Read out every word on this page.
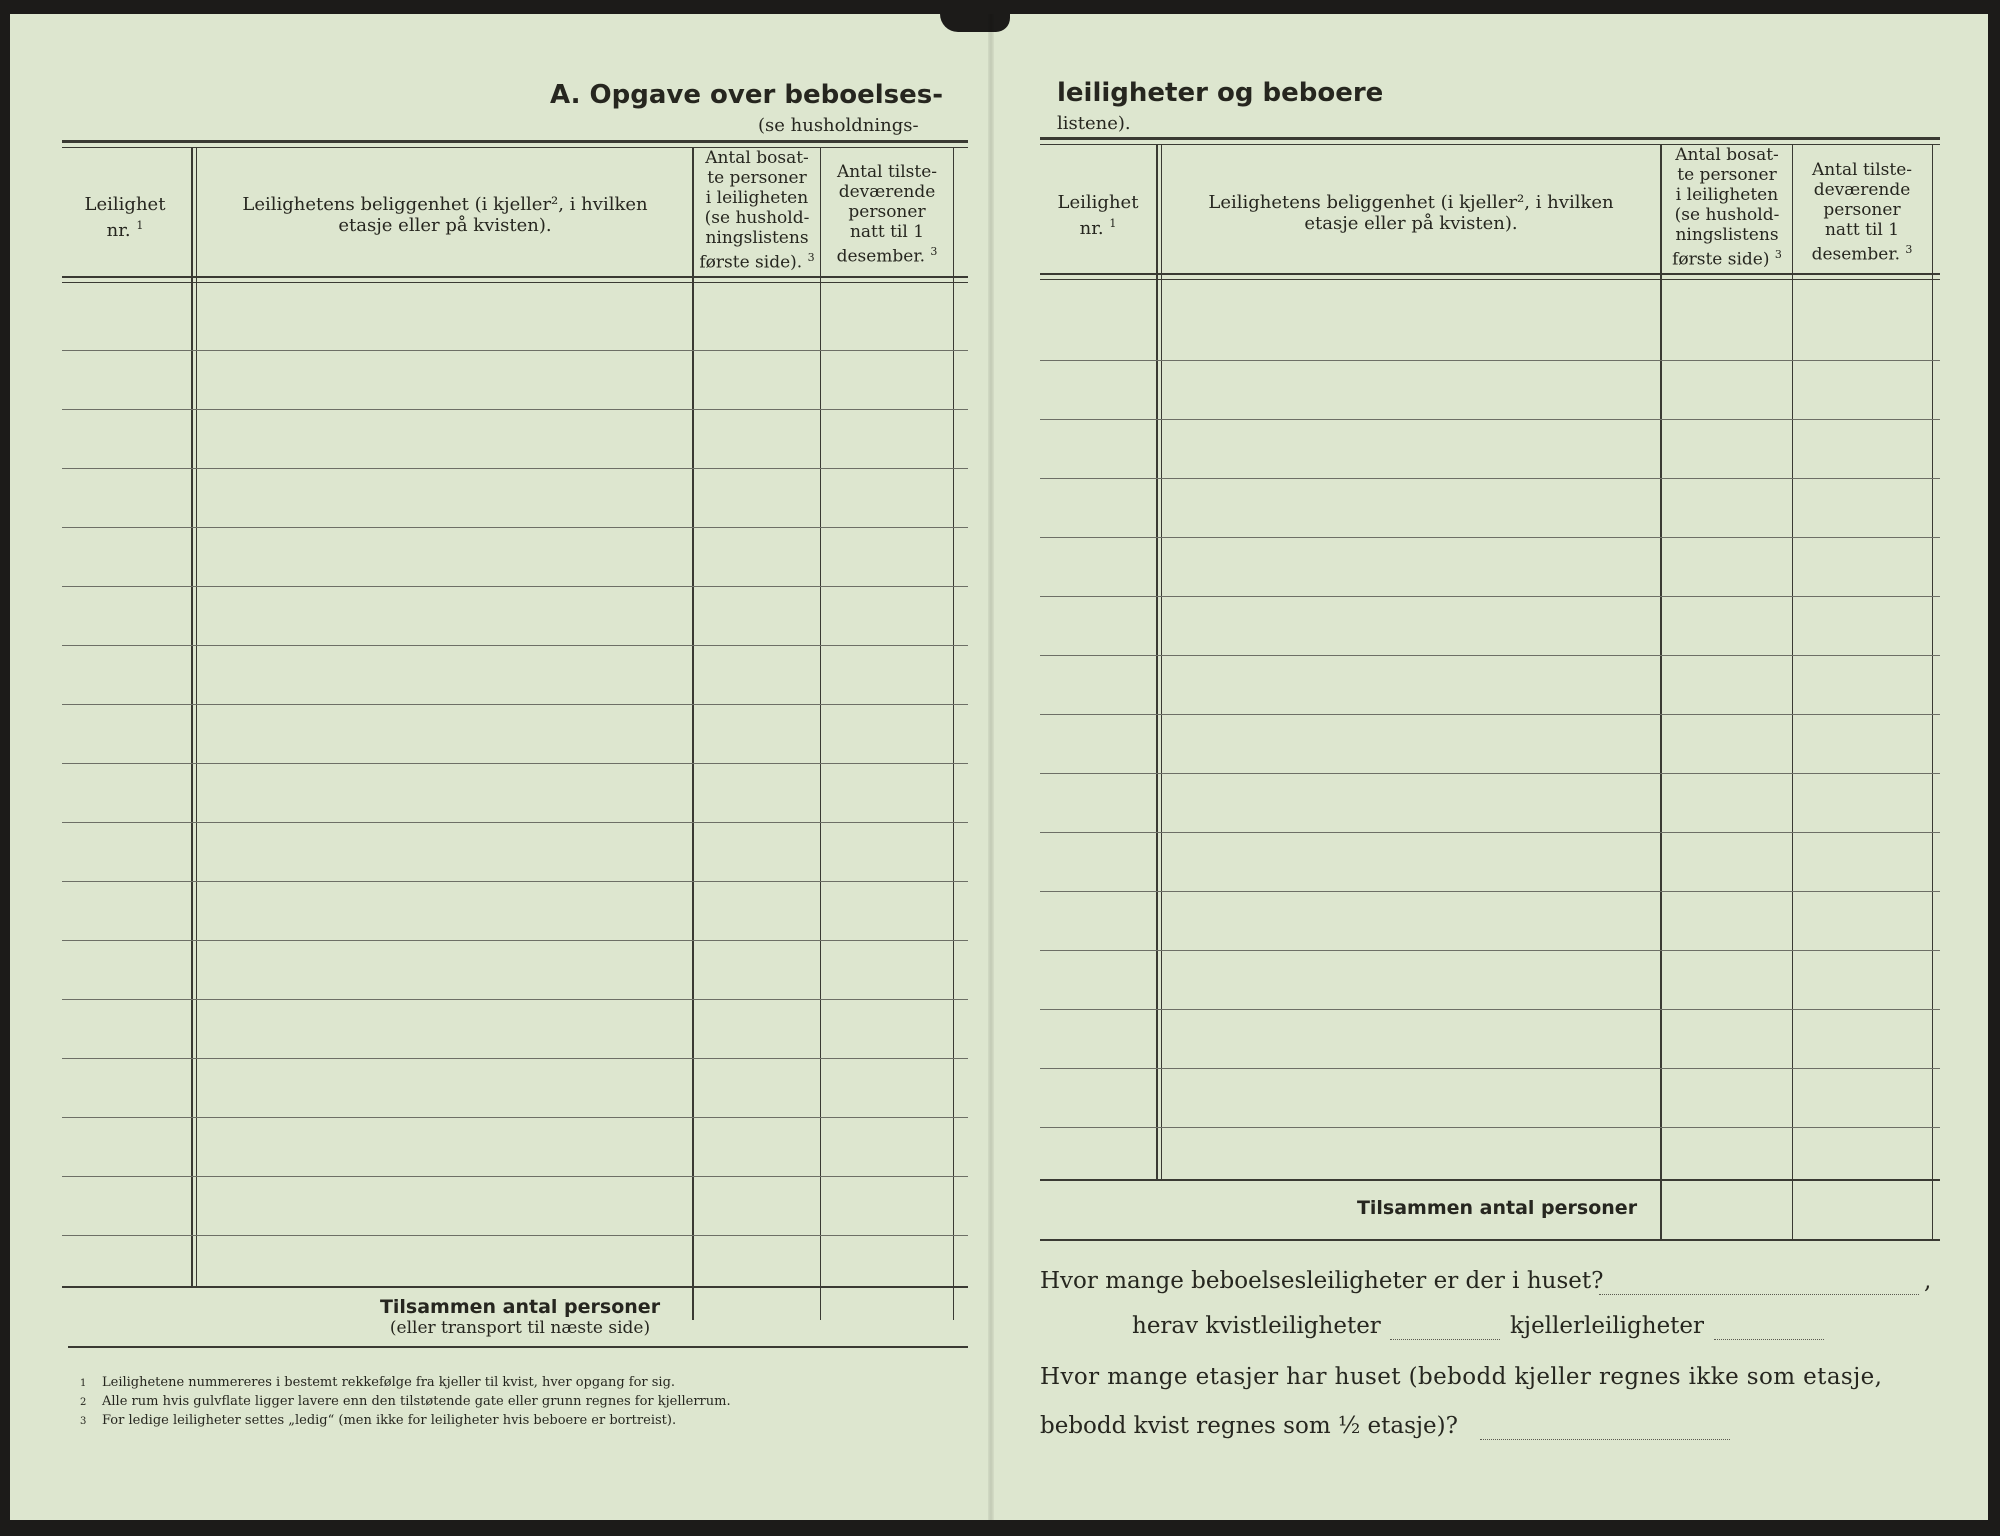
A. Opgave over beboelses-
(se husholdnings-
Leilighet
nr. $^1$
Leilighetens beliggenhet (i kjeller², i hvilken
etasje eller på kvisten).
Antal bosat-
te personer
i leiligheten
(se hushold-
ningslistens
første side). $^3$
Antal tilste-
deværende
personer
natt til 1
desember. $^3$
Tilsammen antal personer
(eller transport til næste side)
1 Leilighetene nummereres i bestemt rekkefølge fra kjeller til kvist, hver opgang for sig.
2 Alle rum hvis gulvflate ligger lavere enn den tilstøtende gate eller grunn regnes for kjellerrum.
3 For ledige leiligheter settes „ledig“ (men ikke for leiligheter hvis beboere er bortreist).
leiligheter og beboere
listene).
Leilighet
nr. $^1$
Leilighetens beliggenhet (i kjeller², i hvilken
etasje eller på kvisten).
Antal bosat-
te personer
i leiligheten
(se hushold-
ningslistens
første side) $^3$
Antal tilste-
deværende
personer
natt til 1
desember. $^3$
Tilsammen antal personer
Hvor mange beboelsesleiligheter er der i huset?	,
herav kvistleiligheter	kjellerleiligheter
Hvor mange etasjer har huset (bebodd kjeller regnes ikke som etasje,
bebodd kvist regnes som ½ etasje)?
